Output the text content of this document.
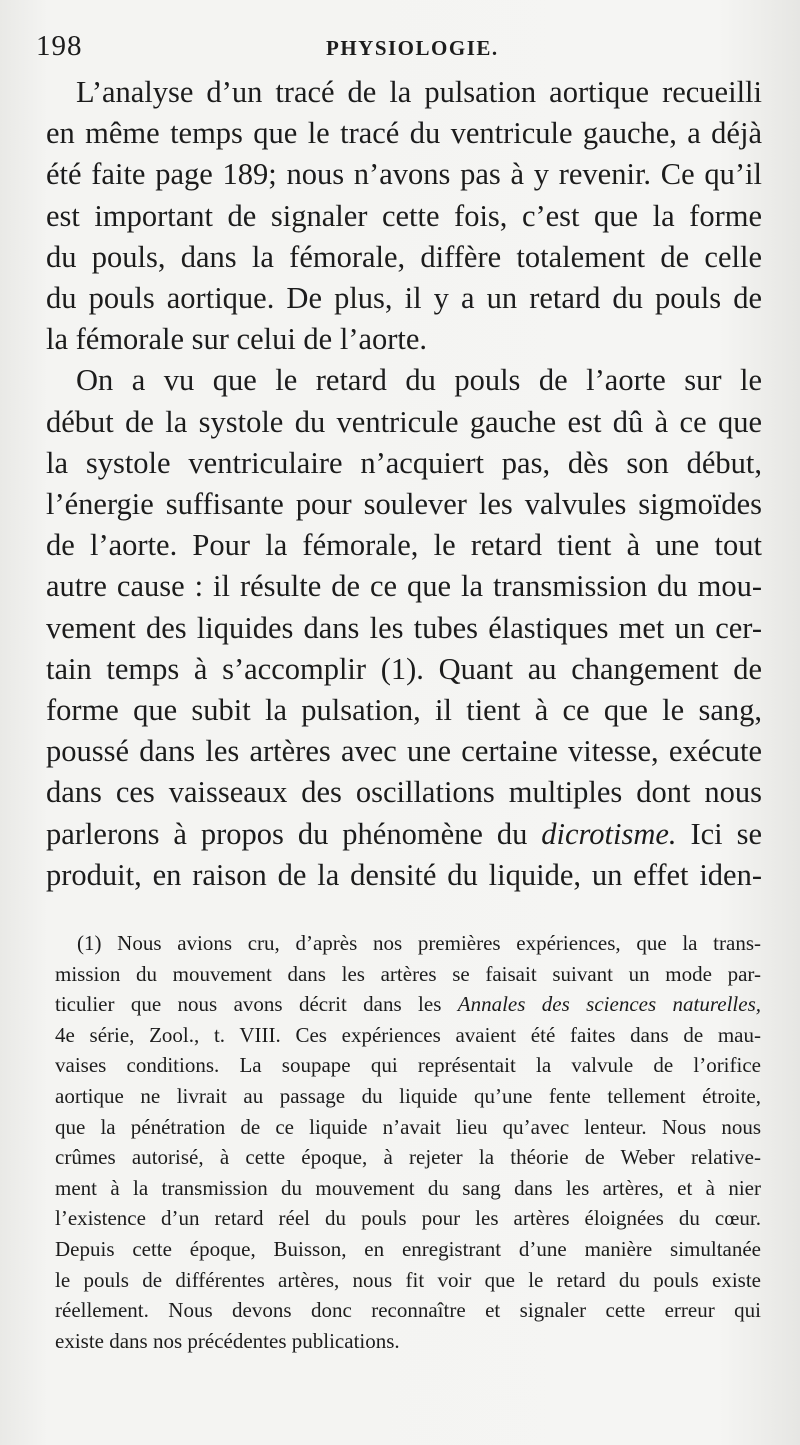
198	PHYSIOLOGIE.

L’analyse d’un tracé de la pulsation aortique recueilli
en même temps que le tracé du ventricule gauche, a déjà
été faite page 189; nous n’avons pas à y revenir. Ce qu’il
est important de signaler cette fois, c’est que la forme
du pouls, dans la fémorale, diffère totalement de celle
du pouls aortique. De plus, il y a un retard du pouls de
la fémorale sur celui de l’aorte.

On a vu que le retard du pouls de l’aorte sur le
début de la systole du ventricule gauche est dû à ce que
la systole ventriculaire n’acquiert pas, dès son début,
l’énergie suffisante pour soulever les valvules sigmoïdes
de l’aorte. Pour la fémorale, le retard tient à une tout
autre cause : il résulte de ce que la transmission du mou-
vement des liquides dans les tubes élastiques met un cer-
tain temps à s’accomplir (1). Quant au changement de
forme que subit la pulsation, il tient à ce que le sang,
poussé dans les artères avec une certaine vitesse, exécute
dans ces vaisseaux des oscillations multiples dont nous
parlerons à propos du phénomène du dicrotisme. Ici se
produit, en raison de la densité du liquide, un effet iden-

(1) Nous avions cru, d’après nos premières expériences, que la trans-
mission du mouvement dans les artères se faisait suivant un mode par-
ticulier que nous avons décrit dans les Annales des sciences naturelles,
4e série, Zool., t. VIII. Ces expériences avaient été faites dans de mau-
vaises conditions. La soupape qui représentait la valvule de l’orifice
aortique ne livrait au passage du liquide qu’une fente tellement étroite,
que la pénétration de ce liquide n’avait lieu qu’avec lenteur. Nous nous
crûmes autorisé, à cette époque, à rejeter la théorie de Weber relative-
ment à la transmission du mouvement du sang dans les artères, et à nier
l’existence d’un retard réel du pouls pour les artères éloignées du cœur.
Depuis cette époque, Buisson, en enregistrant d’une manière simultanée
le pouls de différentes artères, nous fit voir que le retard du pouls existe
réellement. Nous devons donc reconnaître et signaler cette erreur qui
existe dans nos précédentes publications.
